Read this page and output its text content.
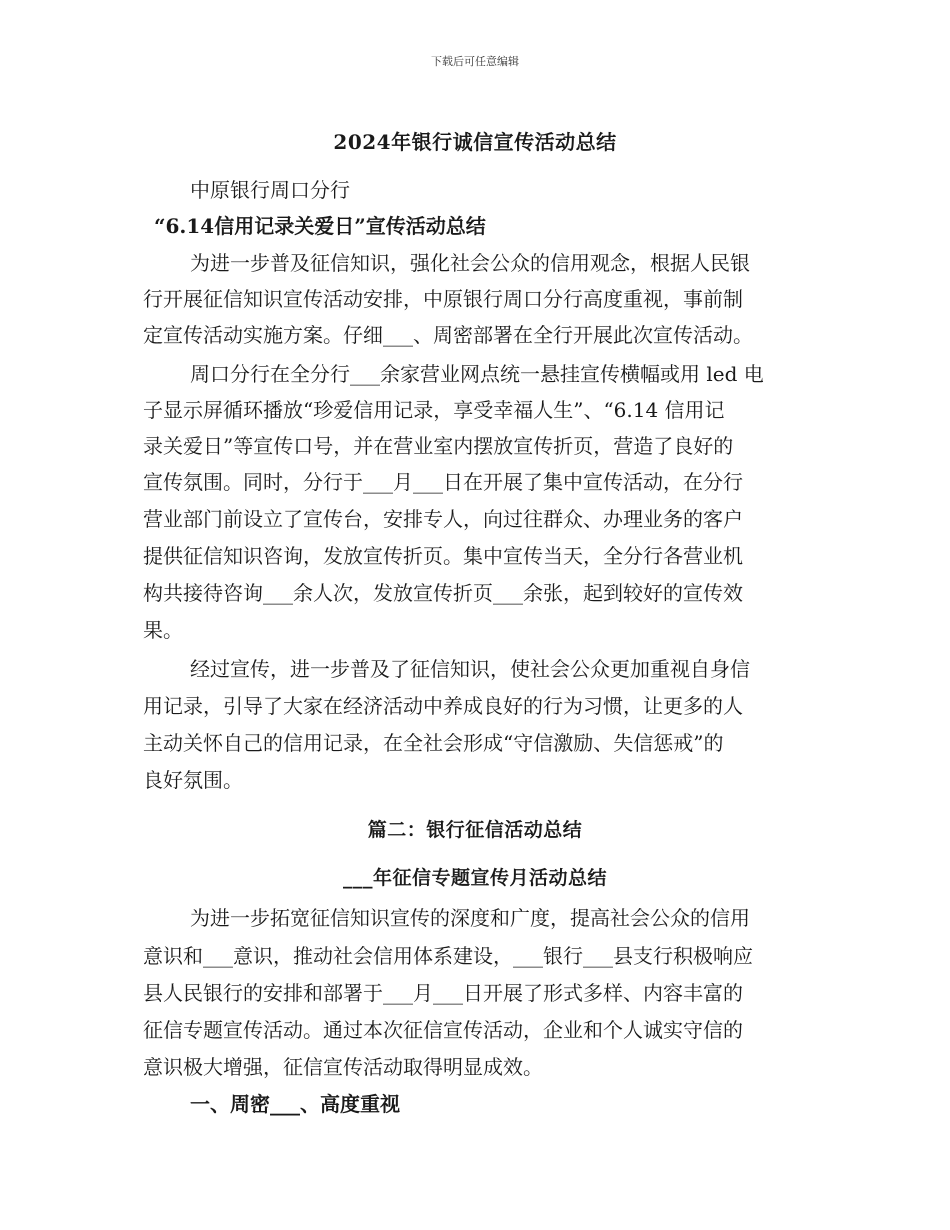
下载后可任意编辑
2024年银行诚信宣传活动总结
中原银行周口分行
“6.14信用记录关爱日”宣传活动总结
为进一步普及征信知识，强化社会公众的信用观念，根据人民银
行开展征信知识宣传活动安排，中原银行周口分行高度重视，事前制
定宣传活动实施方案。仔细___、周密部署在全行开展此次宣传活动。
周口分行在全分行___余家营业网点统一悬挂宣传横幅或用 led 电
子显示屏循环播放“珍爱信用记录，享受幸福人生”、“6.14 信用记
录关爱日”等宣传口号，并在营业室内摆放宣传折页，营造了良好的
宣传氛围。同时，分行于___月___日在开展了集中宣传活动，在分行
营业部门前设立了宣传台，安排专人，向过往群众、办理业务的客户
提供征信知识咨询，发放宣传折页。集中宣传当天，全分行各营业机
构共接待咨询___余人次，发放宣传折页___余张，起到较好的宣传效
果。
经过宣传，进一步普及了征信知识，使社会公众更加重视自身信
用记录，引导了大家在经济活动中养成良好的行为习惯，让更多的人
主动关怀自己的信用记录，在全社会形成“守信激励、失信惩戒”的
良好氛围。
篇二：银行征信活动总结
___年征信专题宣传月活动总结
为进一步拓宽征信知识宣传的深度和广度，提高社会公众的信用
意识和___意识，推动社会信用体系建设，___银行___县支行积极响应
县人民银行的安排和部署于___月___日开展了形式多样、内容丰富的
征信专题宣传活动。通过本次征信宣传活动，企业和个人诚实守信的
意识极大增强，征信宣传活动取得明显成效。
一、周密___、高度重视
